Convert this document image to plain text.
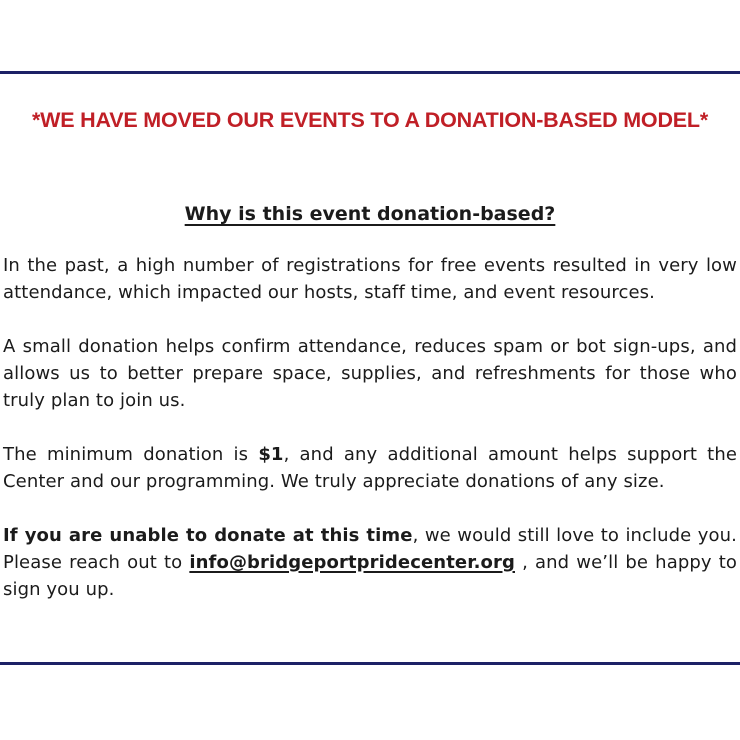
*WE HAVE MOVED OUR EVENTS TO A DONATION-BASED MODEL*
Why is this event donation-based?

In the past, a high number of registrations for free events resulted in very low attendance, which impacted our hosts, staff time, and event resources.

A small donation helps confirm attendance, reduces spam or bot sign-ups, and allows us to better prepare space, supplies, and refreshments for those who truly plan to join us.

The minimum donation is $1, and any additional amount helps support the Center and our programming. We truly appreciate donations of any size.

If you are unable to donate at this time, we would still love to include you. Please reach out to info@bridgeportpridecenter.org , and we’ll be happy to sign you up.
